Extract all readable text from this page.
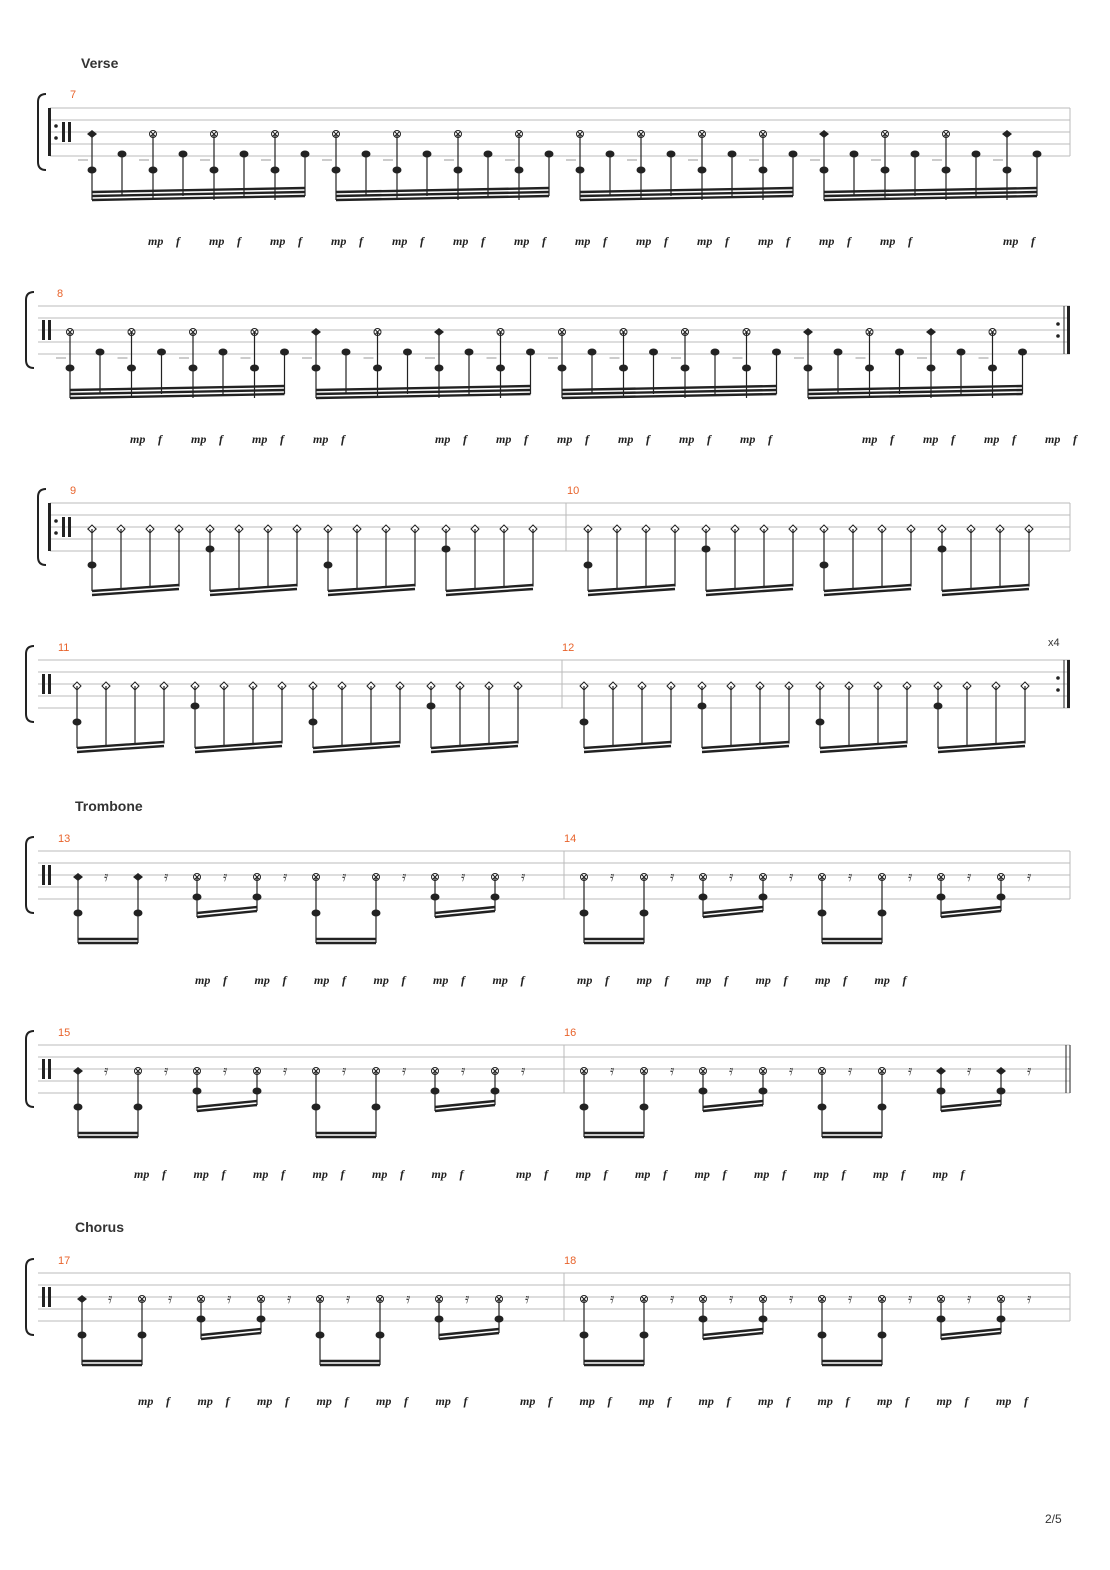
Verse
Trombone
Chorus
7
8
9	10
11	12
13	14
15	16
17	18
x4
2/5
mp f mp f mp f mp f mp f mp f mp f mp f mp f mp f mp f mp f mp f	mp f
mp f mp f mp f mp f	mp f mp f mp f mp f mp f mp f	mp f mp f mp f mp f
𝄿	𝄿	𝄿	𝄿	𝄿	𝄿	𝄿	𝄿	𝄿	𝄿	𝄿	𝄿	𝄿	𝄿	𝄿	𝄿
mp f mp f mp f mp f mp f mp f	mp f mp f mp f mp f mp f mp f
𝄿	𝄿	𝄿	𝄿	𝄿	𝄿	𝄿	𝄿	𝄿	𝄿	𝄿	𝄿	𝄿	𝄿	𝄿	𝄿
mp f mp f mp f mp f mp f mp f	mp f mp f mp f mp f mp f mp f mp f mp f
𝄿	𝄿	𝄿	𝄿	𝄿	𝄿	𝄿	𝄿	𝄿	𝄿	𝄿	𝄿	𝄿	𝄿	𝄿	𝄿
mp f mp f mp f mp f mp f mp f	mp f mp f mp f mp f mp f mp f mp f mp f mp f
